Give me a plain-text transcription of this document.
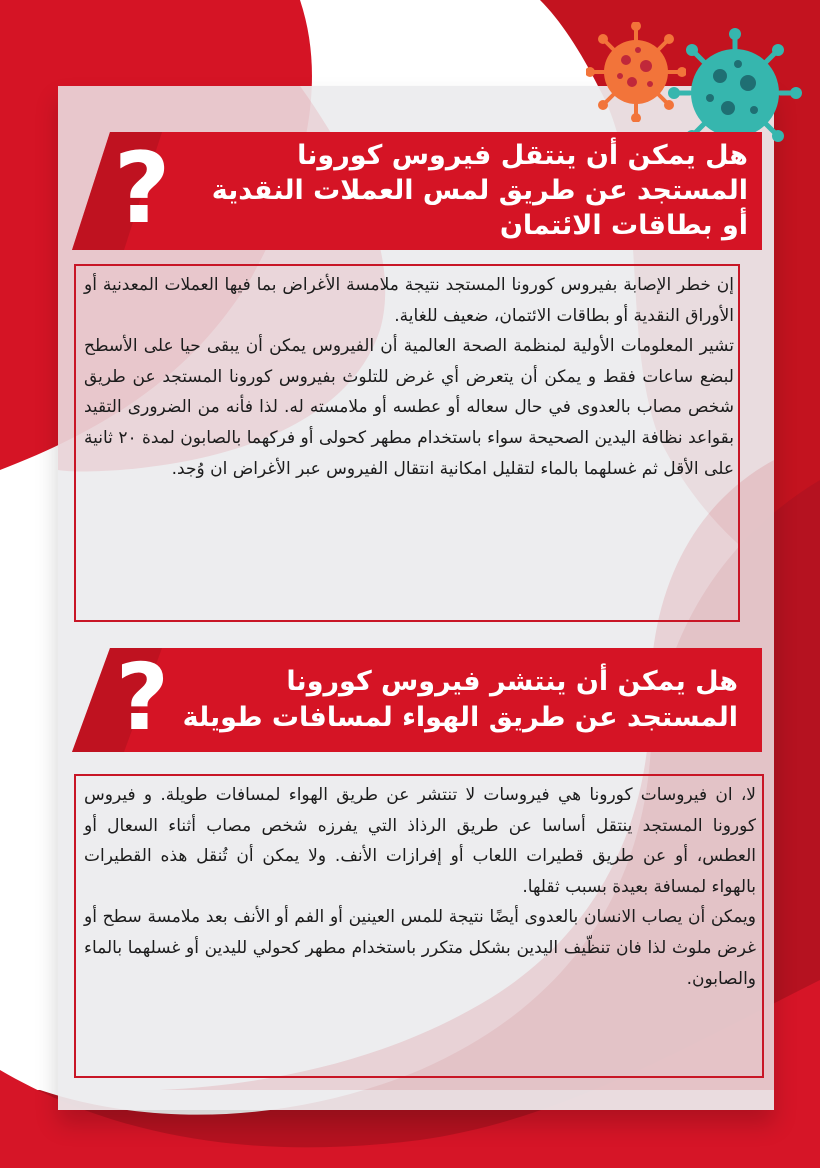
؟	هل يمكن أن ينتقل فيروس كورونا
المستجد عن طريق لمس العملات النقدية
أو بطاقات الائتمان

إن خطر الإصابة بفيروس كورونا المستجد نتيجة ملامسة الأغراض بما فيها العملات المعدنية أو الأوراق النقدية أو بطاقات الائتمان، ضعيف للغاية.

تشير المعلومات الأولية لمنظمة الصحة العالمية أن الفيروس يمكن أن يبقى حيا على الأسطح لبضع ساعات فقط و يمكن أن يتعرض أي غرض للتلوث بفيروس كورونا المستجد عن طريق شخص مصاب بالعدوى في حال سعاله أو عطسه أو ملامسته له. لذا فأنه من الضرورى التقيد بقواعد نظافة اليدين الصحيحة سواء باستخدام مطهر كحولى أو فركهما بالصابون لمدة ٢٠ ثانية على الأقل ثم غسلهما بالماء لتقليل امكانية انتقال الفيروس عبر الأغراض ان وُجد.

؟	هل يمكن أن ينتشر فيروس كورونا
المستجد عن طريق الهواء لمسافات طويلة

لا، ان فيروسات كورونا هي فيروسات لا تنتشر عن طريق الهواء لمسافات طويلة. و فيروس كورونا المستجد ينتقل أساسا عن طريق الرذاذ التي يفرزه شخص مصاب أثناء السعال أو العطس، أو عن طريق قطيرات اللعاب أو إفرازات الأنف. ولا يمكن أن تُنقل هذه القطيرات بالهواء لمسافة بعيدة بسبب ثقلها.

ويمكن أن يصاب الانسان بالعدوى أيضًا نتيجة للمس العينين أو الفم أو الأنف بعد ملامسة سطح أو غرض ملوث لذا فان تنظّيف اليدين بشكل متكرر باستخدام مطهر كحولي لليدين أو غسلهما بالماء والصابون.
